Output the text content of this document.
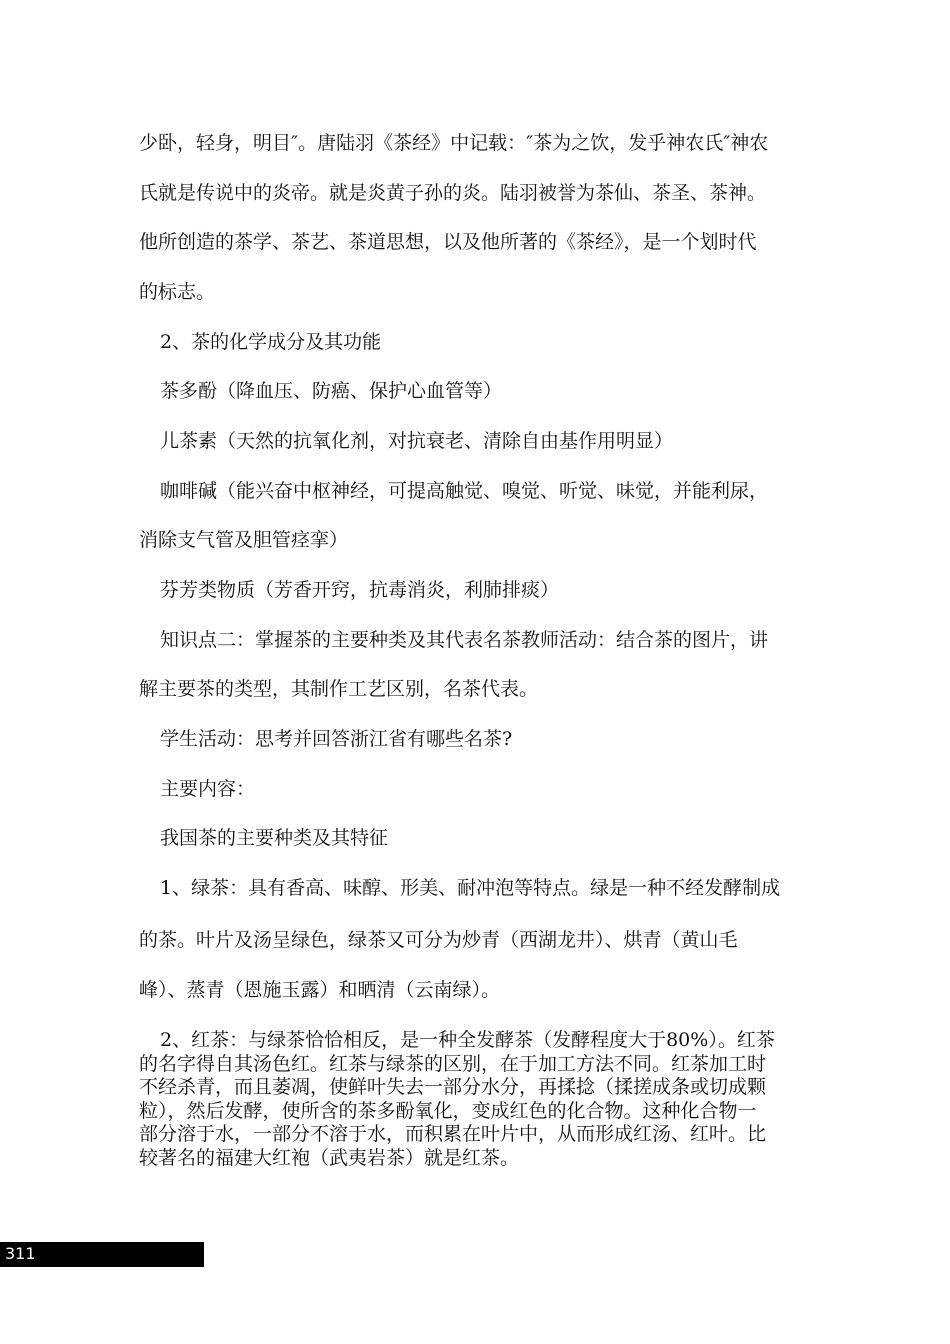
少卧，轻身，明目″。唐陆羽《茶经》中记载：″茶为之饮，发乎神农氏″神农

氏就是传说中的炎帝。就是炎黄子孙的炎。陆羽被誉为茶仙、茶圣、茶神。

他所创造的茶学、茶艺、茶道思想，以及他所著的《茶经》，是一个划时代

的标志。

2、茶的化学成分及其功能

茶多酚（降血压、防癌、保护心血管等）

儿茶素（天然的抗氧化剂，对抗衰老、清除自由基作用明显）

咖啡碱（能兴奋中枢神经，可提高触觉、嗅觉、听觉、味觉，并能利尿，

消除支气管及胆管痉挛）

芬芳类物质（芳香开窍，抗毒消炎，利肺排痰）

知识点二：掌握茶的主要种类及其代表名茶教师活动：结合茶的图片，讲

解主要茶的类型，其制作工艺区别，名茶代表。

学生活动：思考并回答浙江省有哪些名茶?

主要内容：

我国茶的主要种类及其特征

1、绿茶：具有香高、味醇、形美、耐冲泡等特点。绿是一种不经发酵制成

的茶。叶片及汤呈绿色，绿茶又可分为炒青（西湖龙井）、烘青（黄山毛

峰）、蒸青（恩施玉露）和晒清（云南绿）。

2、红茶：与绿茶恰恰相反，是一种全发酵茶（发酵程度大于80%）。红茶
的名字得自其汤色红。红茶与绿茶的区别，在于加工方法不同。红茶加工时
不经杀青，而且萎凋，使鲜叶失去一部分水分，再揉捻（揉搓成条或切成颗
粒），然后发酵，使所含的茶多酚氧化，变成红色的化合物。这种化合物一
部分溶于水，一部分不溶于水，而积累在叶片中，从而形成红汤、红叶。比
较著名的福建大红袍（武夷岩茶）就是红茶。
311
